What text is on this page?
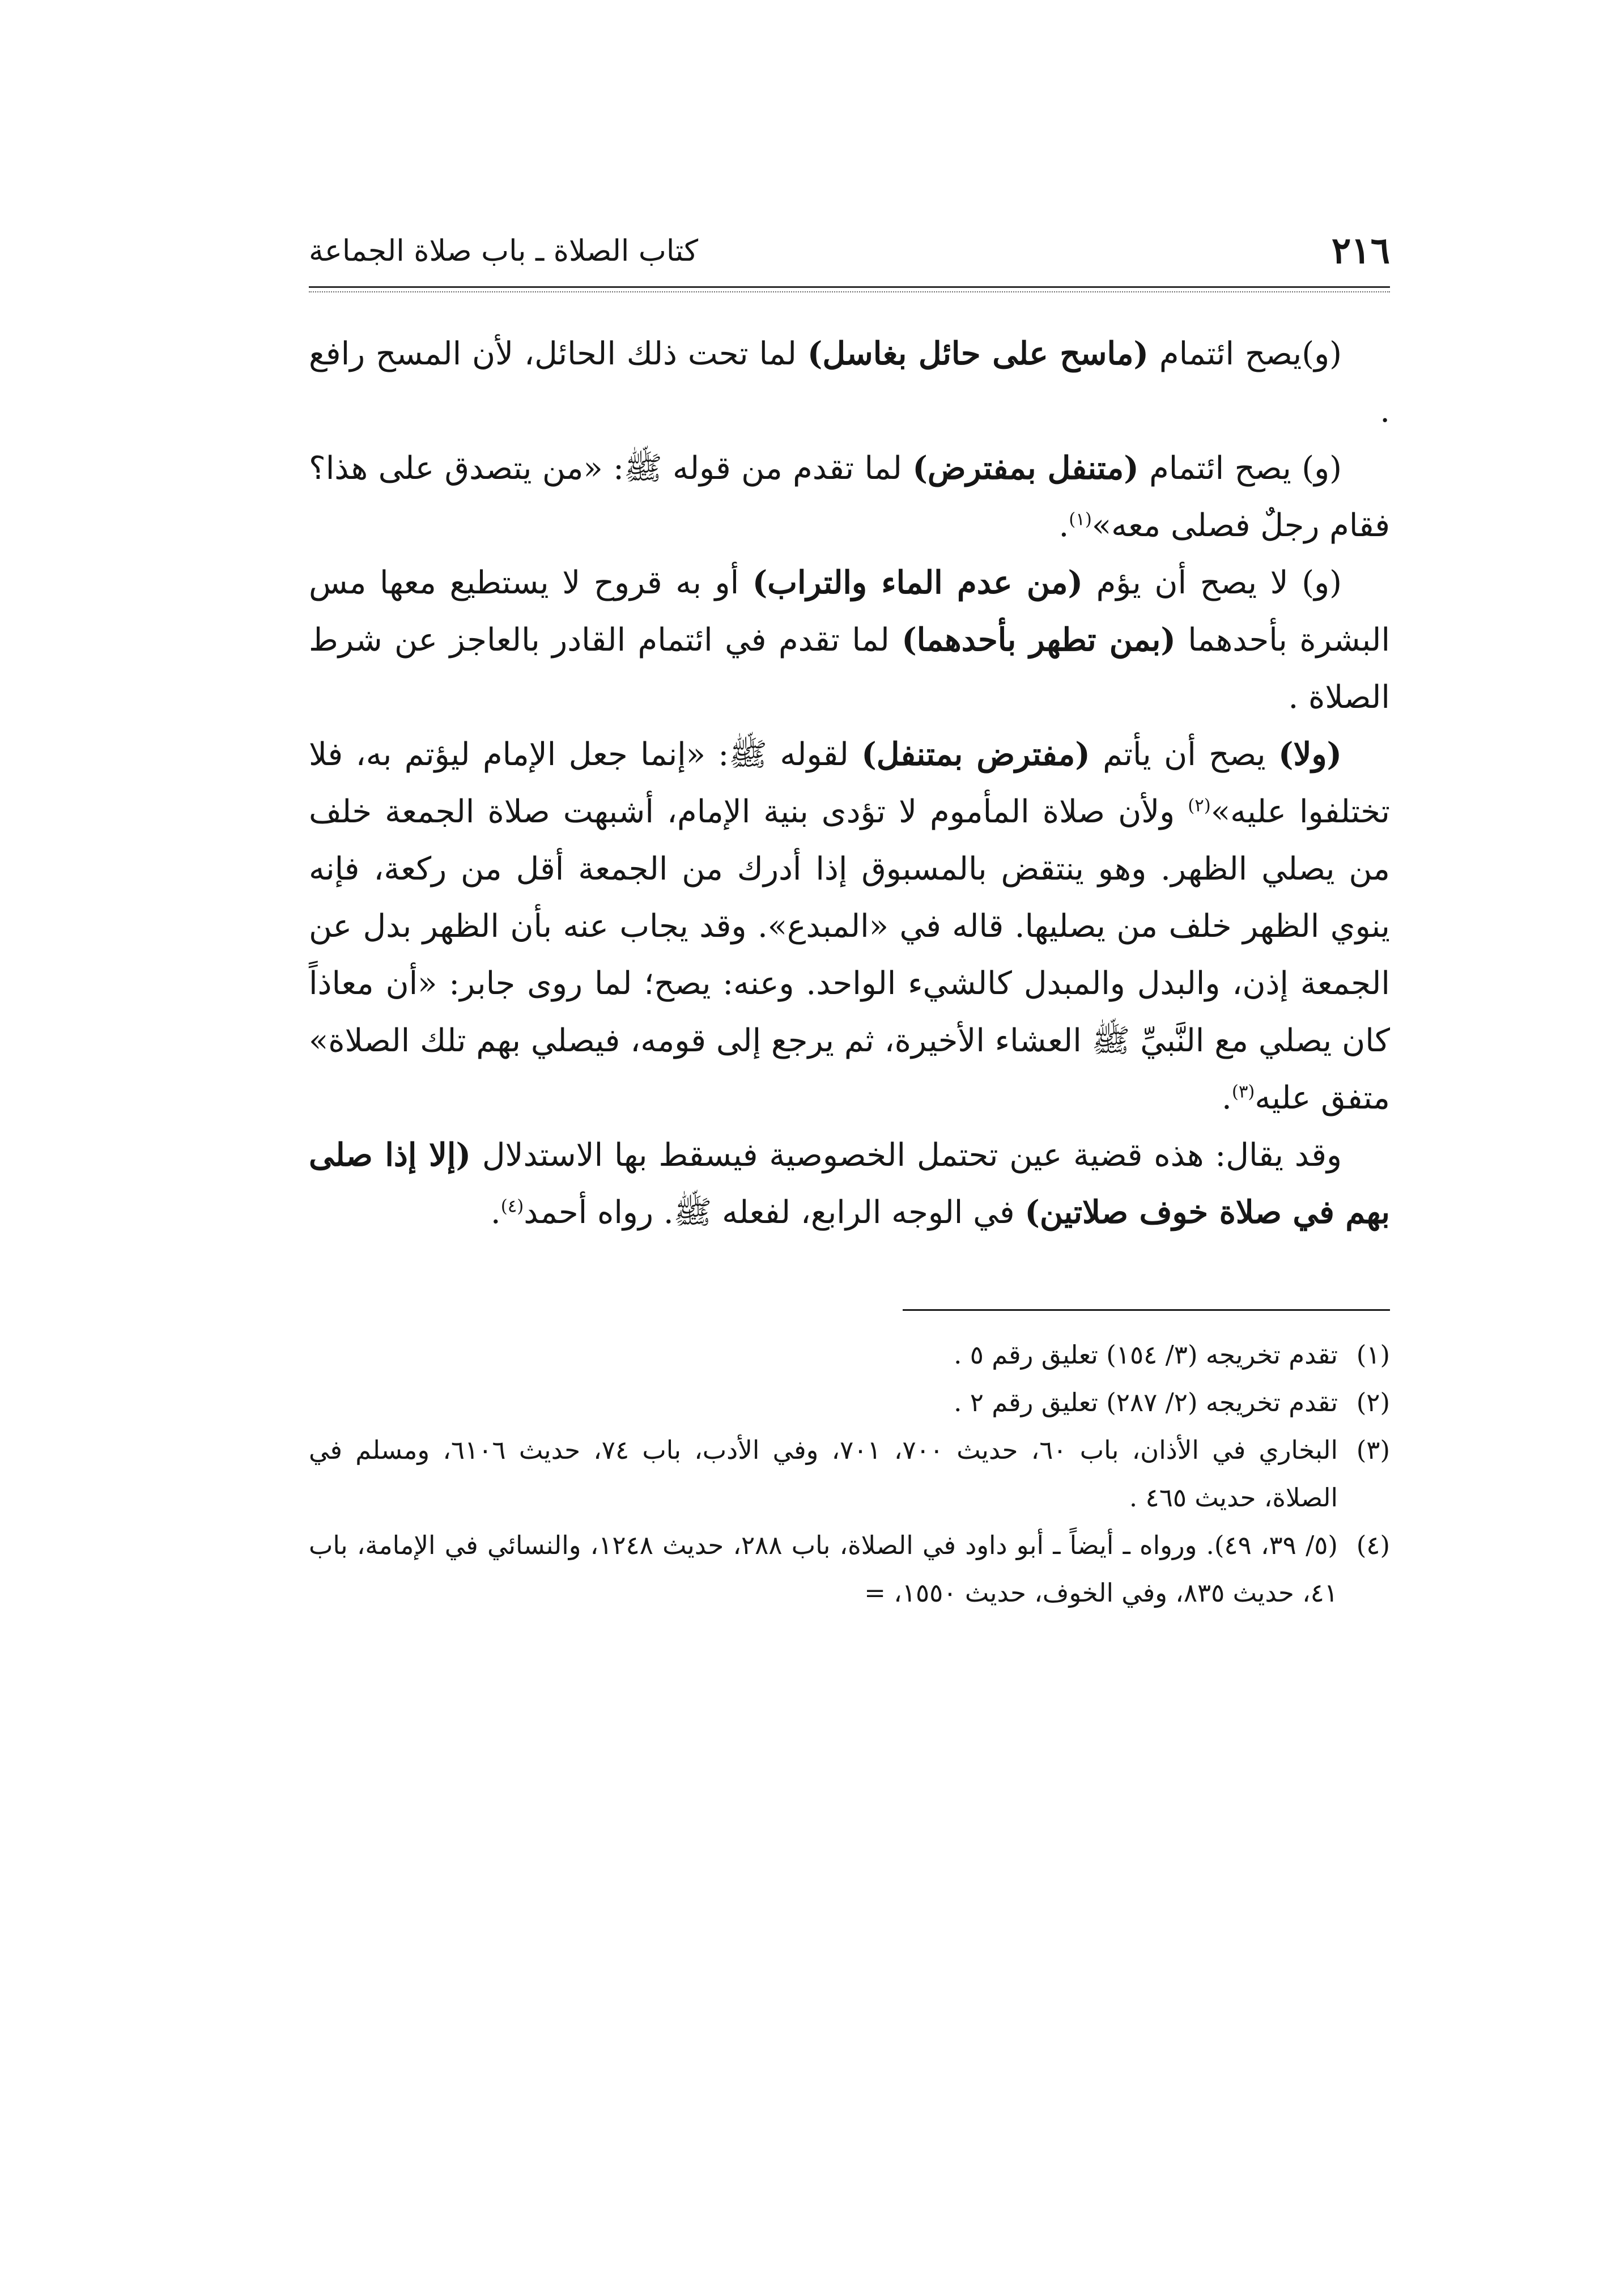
٢١٦
كتاب الصلاة ـ باب صلاة الجماعة

(و)يصح ائتمام (ماسح على حائل بغاسل) لما تحت ذلك الحائل، لأن المسح رافع .

(و) يصح ائتمام (متنفل بمفترض) لما تقدم من قوله ﷺ: «من يتصدق على هذا؟ فقام رجلٌ فصلى معه»$^{(١)}$.

(و) لا يصح أن يؤم (من عدم الماء والتراب) أو به قروح لا يستطيع معها مس البشرة بأحدهما (بمن تطهر بأحدهما) لما تقدم في ائتمام القادر بالعاجز عن شرط الصلاة .

(ولا) يصح أن يأتم (مفترض بمتنفل) لقوله ﷺ: «إنما جعل الإمام ليؤتم به، فلا تختلفوا عليه»$^{(٢)}$ ولأن صلاة المأموم لا تؤدى بنية الإمام، أشبهت صلاة الجمعة خلف من يصلي الظهر. وهو ينتقض بالمسبوق إذا أدرك من الجمعة أقل من ركعة، فإنه ينوي الظهر خلف من يصليها. قاله في «المبدع». وقد يجاب عنه بأن الظهر بدل عن الجمعة إذن، والبدل والمبدل كالشيء الواحد. وعنه: يصح؛ لما روى جابر: «أن معاذاً كان يصلي مع النَّبيِّ ﷺ العشاء الأخيرة، ثم يرجع إلى قومه، فيصلي بهم تلك الصلاة» متفق عليه$^{(٣)}$.

وقد يقال: هذه قضية عين تحتمل الخصوصية فيسقط بها الاستدلال (إلا إذا صلى بهم في صلاة خوف صلاتين) في الوجه الرابع، لفعله ﷺ. رواه أحمد$^{(٤)}$.

(١)
تقدم تخريجه (٣/ ١٥٤) تعليق رقم ٥ .
(٢)
تقدم تخريجه (٢/ ٢٨٧) تعليق رقم ٢ .
(٣)
البخاري في الأذان، باب ٦٠، حديث ٧٠٠، ٧٠١، وفي الأدب، باب ٧٤، حديث ٦١٠٦، ومسلم في الصلاة، حديث ٤٦٥ .
(٤)
(٥/ ٣٩، ٤٩). ورواه ـ أيضاً ـ أبو داود في الصلاة، باب ٢٨٨، حديث ١٢٤٨، والنسائي في الإمامة، باب ٤١، حديث ٨٣٥، وفي الخوف، حديث ١٥٥٠، =
